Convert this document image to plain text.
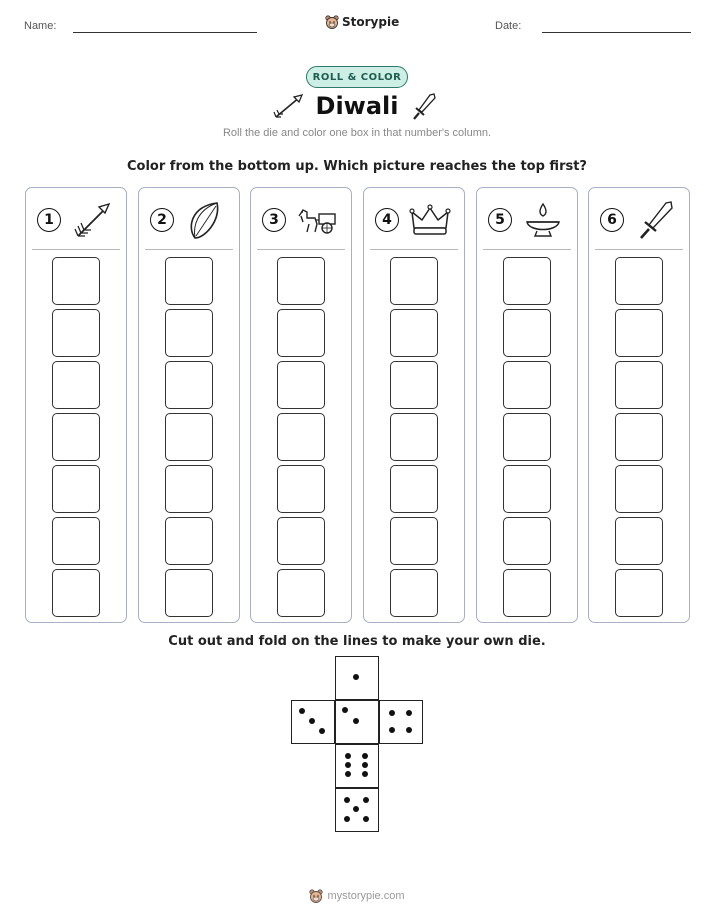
Name:	Storypie	Date:
ROLL & COLOR
Diwali
Roll the die and color one box in that number's column.
Color from the bottom up. Which picture reaches the top first?
1	2	3	4	5	6
Cut out and fold on the lines to make your own die.
mystorypie.com
